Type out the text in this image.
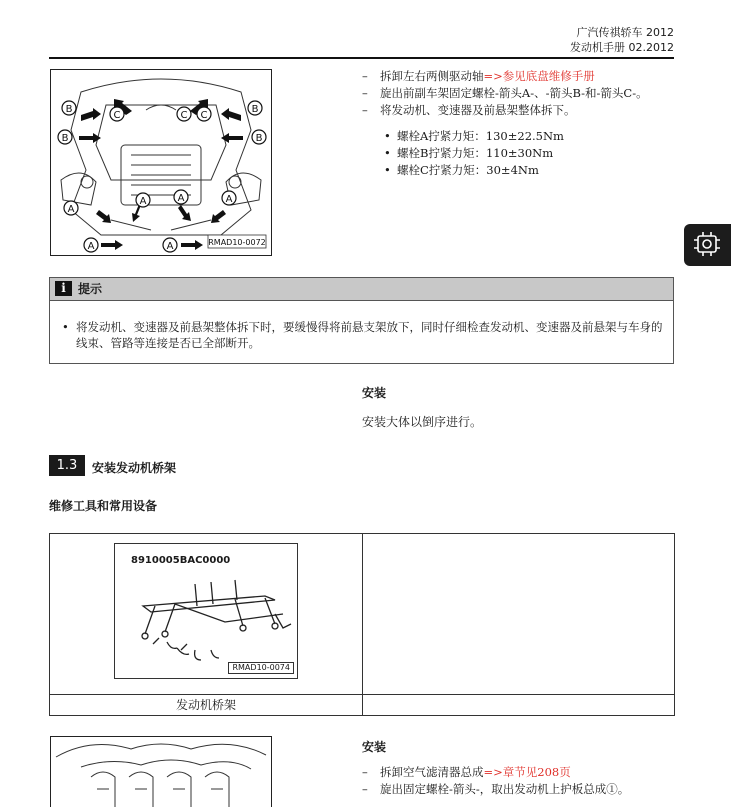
广汽传祺轿车 2012
发动机手册 02.2012
B
B
B
B
C	C C
A
A	A	A
A	A	RMAD10-0072
– 拆卸左右两侧驱动轴=>参见底盘维修手册
– 旋出前副车架固定螺栓-箭头A-、-箭头B-和-箭头C-。
– 将发动机、变速器及前悬架整体拆下。
• 螺栓A拧紧力矩：130±22.5Nm
• 螺栓B拧紧力矩：110±30Nm
• 螺栓C拧紧力矩：30±4Nm
i 提示
• 将发动机、变速器及前悬架整体拆下时，要缓慢得将前悬支架放下，同时仔细检查发动机、变速器及前悬架与车身的线束、管路等连接是否已全部断开。
安装
安装大体以倒序进行。
1.3	安装发动机桥架
维修工具和常用设备
8910005BAC0000
RMAD10-0074	

发动机桥架	
安装
– 拆卸空气滤清器总成=>章节见208页
– 旋出固定螺栓-箭头-，取出发动机上护板总成①。
